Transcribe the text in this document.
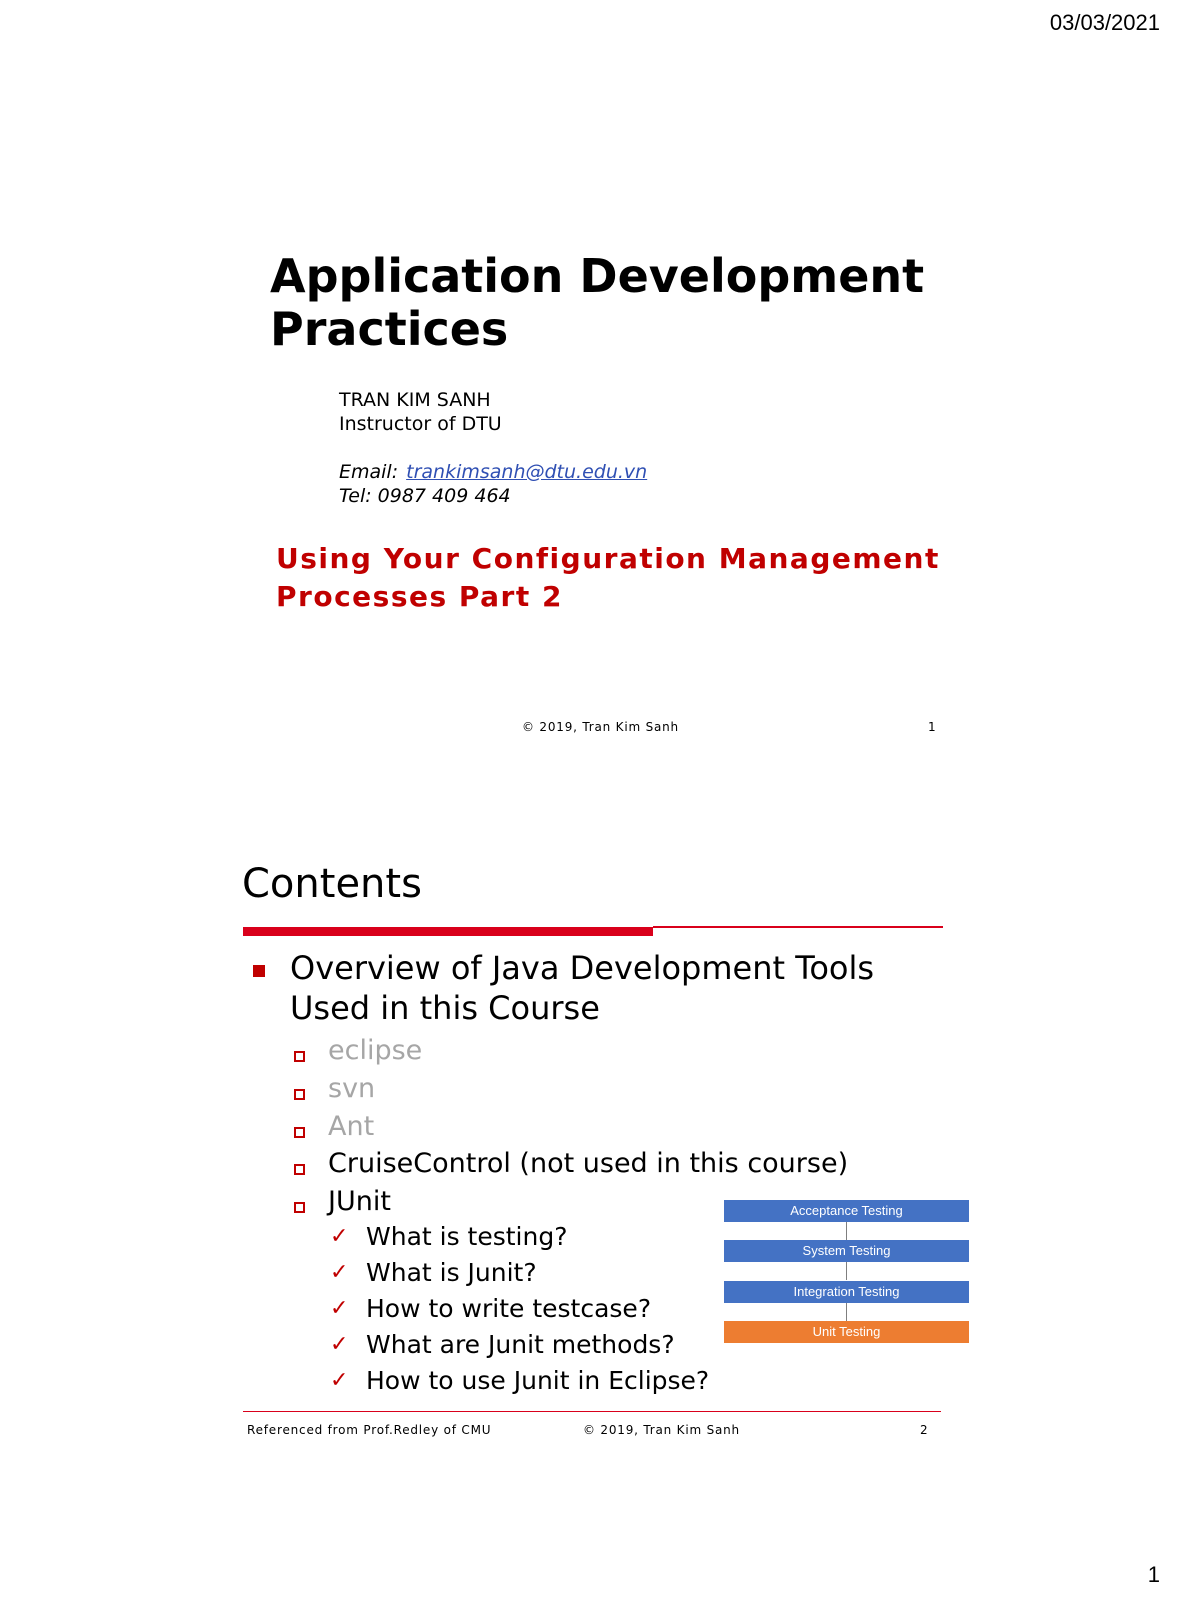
03/03/2021
1
Application Development Practices
TRAN KIM SANH
Instructor of DTU
Email: trankimsanh@dtu.edu.vn
Tel: 0987 409 464
Using Your Configuration Management Processes Part 2
© 2019, Tran Kim Sanh	1
Contents
Overview of Java Development Tools Used in this Course
eclipse
svn
Ant
CruiseControl (not used in this course)
JUnit
✓ What is testing?
✓ What is Junit?
✓ How to write testcase?
✓ What are Junit methods?
✓ How to use Junit in Eclipse?
Acceptance Testing
System Testing
Integration Testing
Unit Testing
Referenced from Prof.Redley of CMU	© 2019, Tran Kim Sanh	2
